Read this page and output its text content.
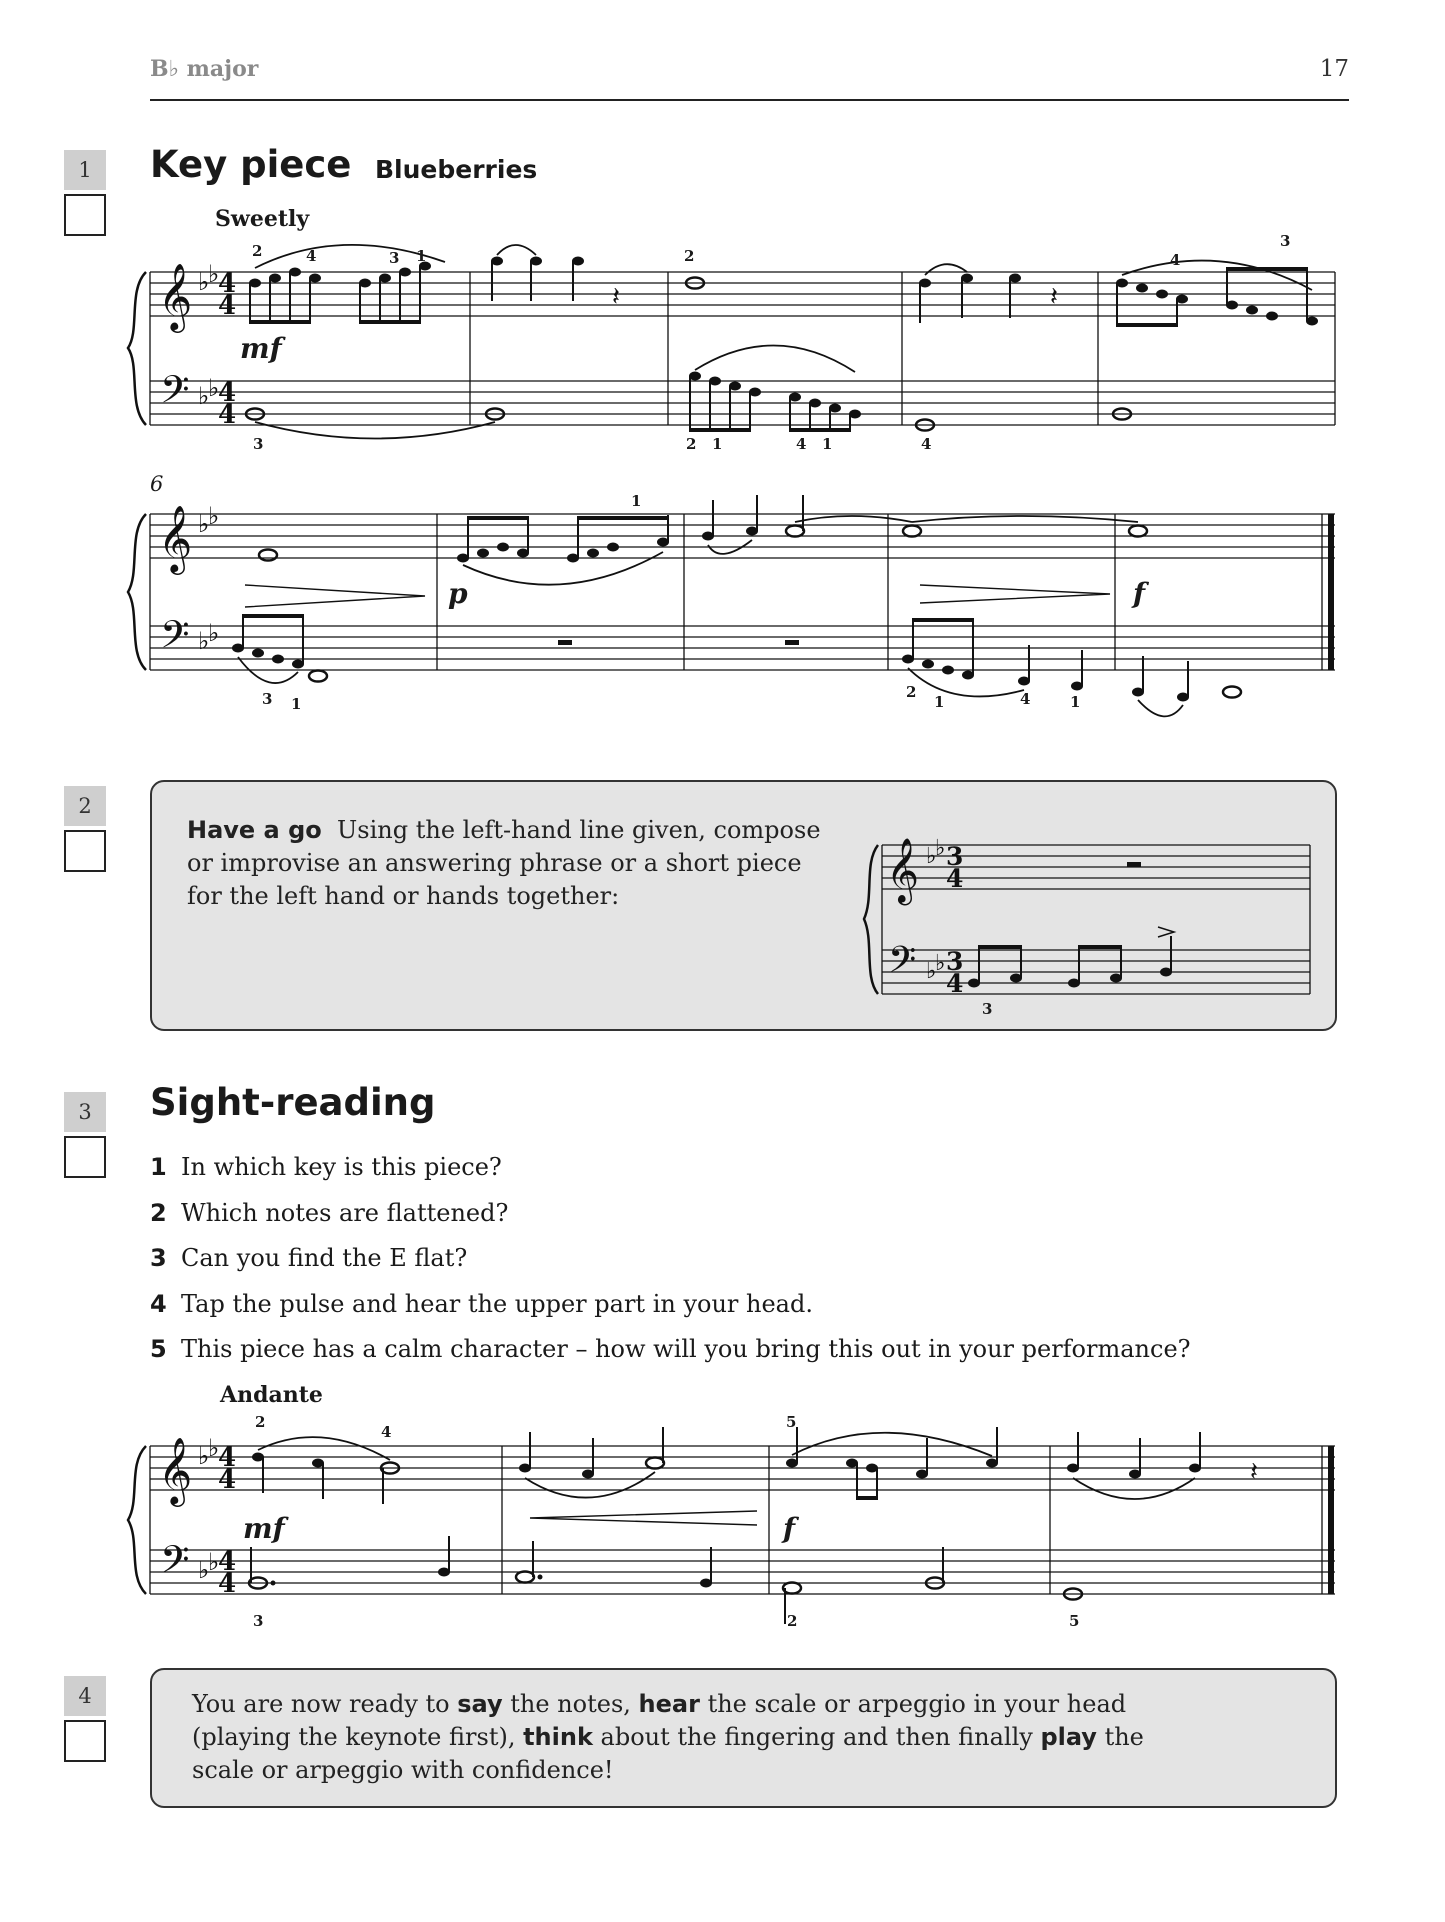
B♭ major	17
1
2
3
4
Key piece Blueberries
Sweetly
𝄞
𝄢
♭
♭
♭
♭
4
4
4
4
𝄽	𝄽
𝄞
𝄢
♭
♭
♭
♭
6
mf
p	f
2	4	3 1	2	4
3
1
3	2 1	4 1	4
3 1
2
1	4	1
Have a go Using the left-hand line given, compose
or improvise an answering phrase or a short piece
for the left hand or hands together:	𝄞
𝄢
♭
♭
♭
♭
3
4
3
4
3
Sight-reading
1 In which key is this piece?
2 Which notes are flattened?
3 Can you find the E flat?
4 Tap the pulse and hear the upper part in your head.
5 This piece has a calm character – how will you bring this out in your performance?
Andante
𝄞
𝄢
♭
♭
♭
♭
4
4
4
4
𝄽
mf	f
2
4
5
3	2	5
You are now ready to say the notes, hear the scale or arpeggio in your head
(playing the keynote first), think about the fingering and then finally play the
scale or arpeggio with confidence!
